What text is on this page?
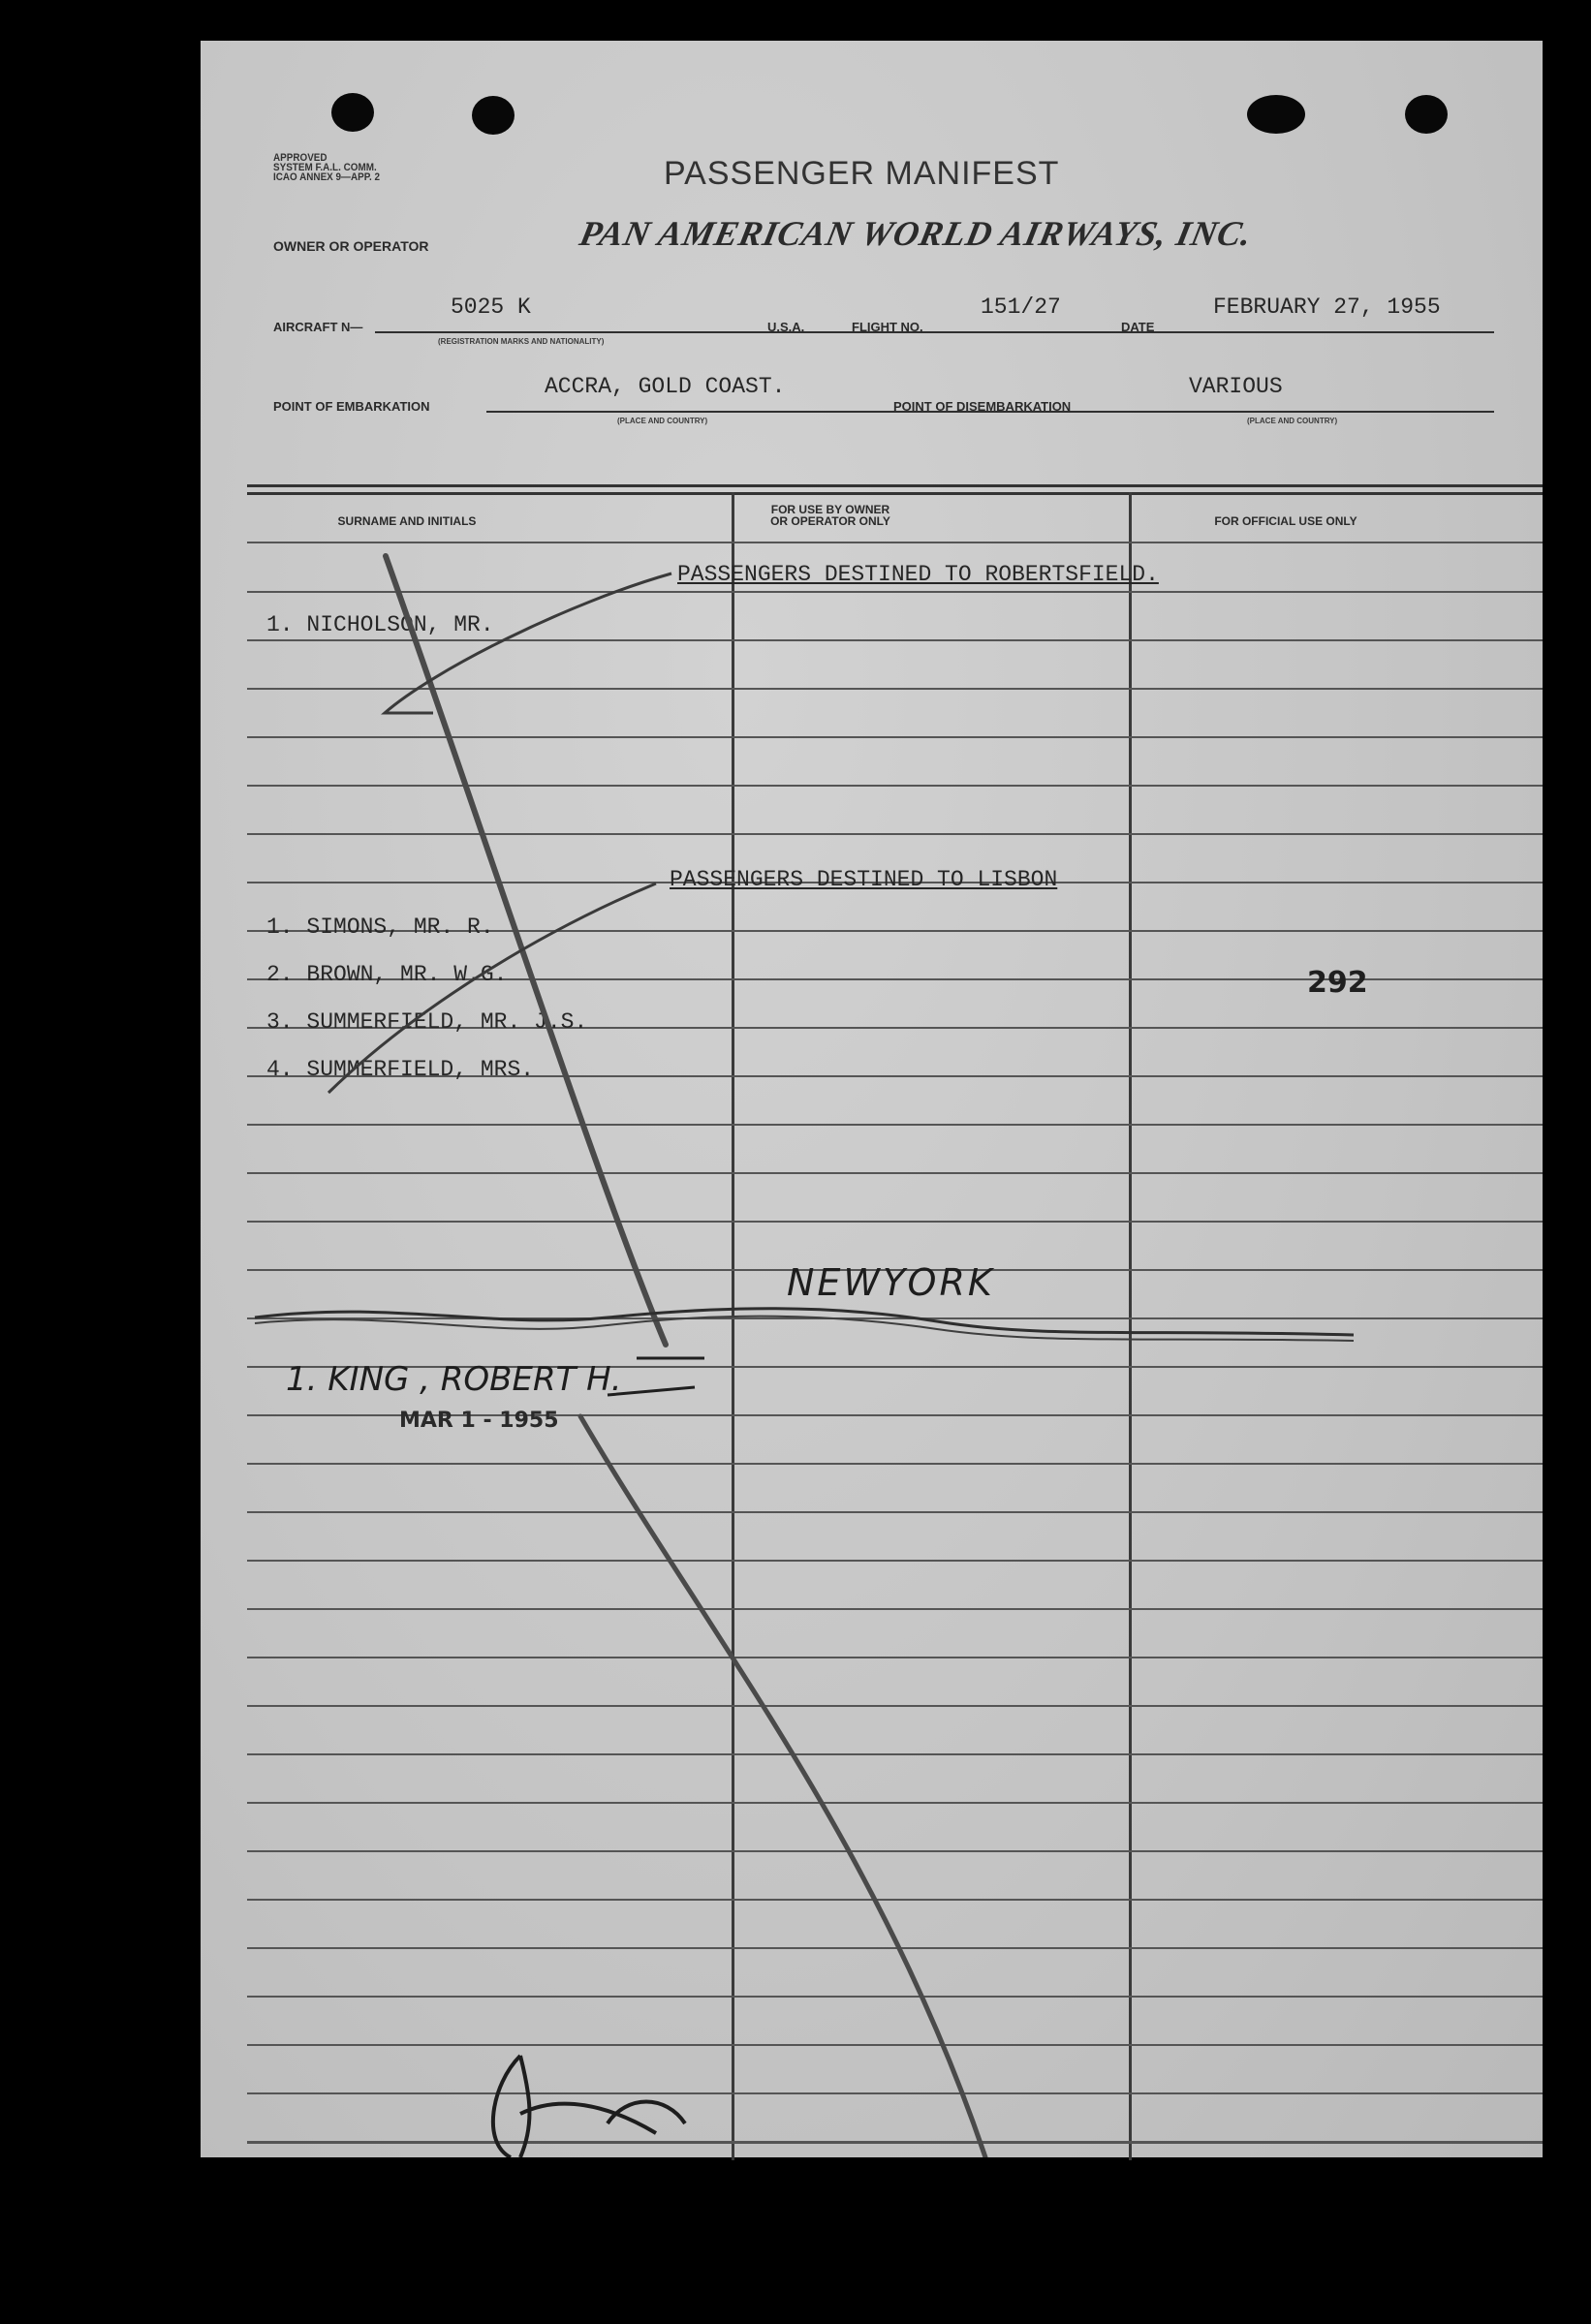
APPROVED
SYSTEM F.A.L. COMM.
ICAO ANNEX 9—APP. 2	PASSENGER MANIFEST
OWNER OR OPERATOR	PAN AMERICAN WORLD AIRWAYS, INC.
AIRCRAFT N—
5025 K
(REGISTRATION MARKS AND NATIONALITY)
U.S.A.	FLIGHT NO.
151/27
DATE
FEBRUARY 27, 1955
POINT OF EMBARKATION
ACCRA, GOLD COAST.
(PLACE AND COUNTRY)
POINT OF DISEMBARKATION
VARIOUS
(PLACE AND COUNTRY)
SURNAME AND INITIALS
FOR USE BY OWNER
OR OPERATOR ONLY	FOR OFFICIAL USE ONLY
PASSENGERS DESTINED TO ROBERTSFIELD.
1. NICHOLSON, MR.
PASSENGERS DESTINED TO LISBON
1. SIMONS, MR. R.
2. BROWN, MR. W.G.
3. SUMMERFIELD, MR. J.S.
4. SUMMERFIELD, MRS.
292
NEWYORK
1. KING , ROBERT H.
MAR 1 - 1955
